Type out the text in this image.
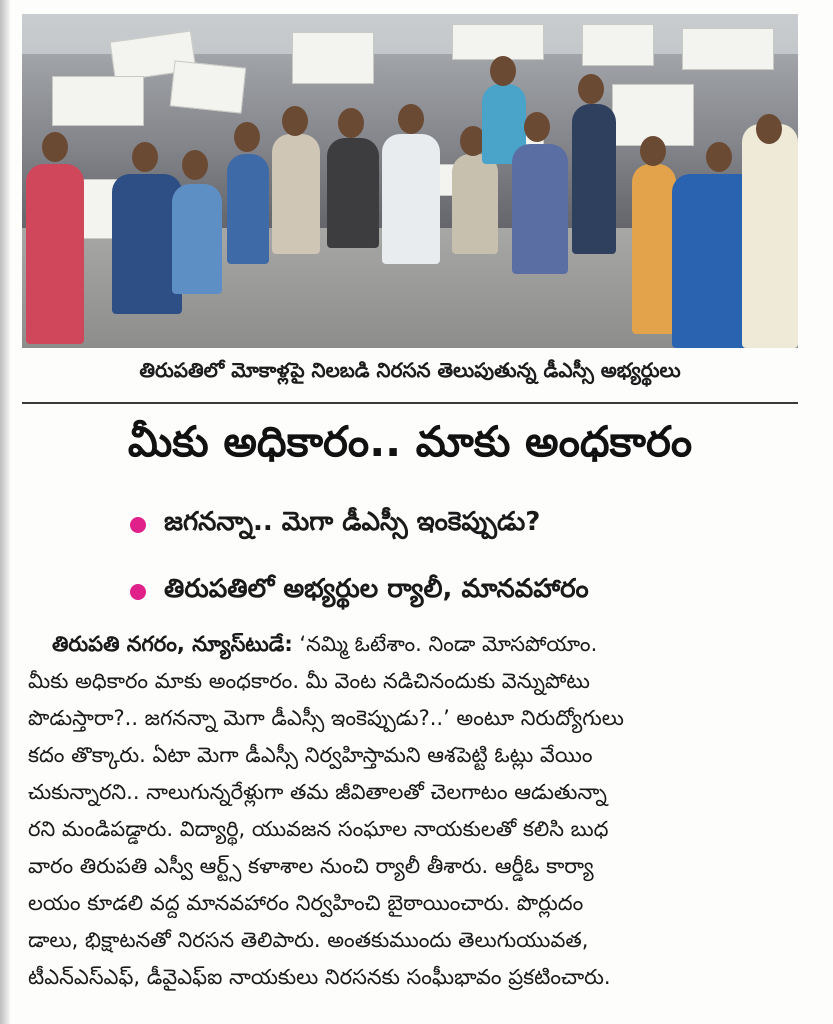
తిరుపతిలో మోకాళ్లపై నిలబడి నిరసన తెలుపుతున్న డీఎస్సీ అభ్యర్థులు
మీకు అధికారం.. మాకు అంధకారం
జగనన్నా.. మెగా డీఎస్సీ ఇంకెప్పుడు?
తిరుపతిలో అభ్యర్థుల ర్యాలీ, మానవహారం
తిరుపతి నగరం, న్యూస్‌టుడే: ‘నమ్మి ఓటేశాం. నిండా మోసపోయాం.
మీకు అధికారం మాకు అంధకారం. మీ వెంట నడిచినందుకు వెన్నుపోటు
పొడుస్తారా?.. జగనన్నా మెగా డీఎస్సీ ఇంకెప్పుడు?..’ అంటూ నిరుద్యోగులు
కదం తొక్కారు. ఏటా మెగా డీఎస్సీ నిర్వహిస్తామని ఆశపెట్టి ఓట్లు వేయిం
చుకున్నారని.. నాలుగున్నరేళ్లుగా తమ జీవితాలతో చెలగాటం ఆడుతున్నా
రని మండిపడ్డారు. విద్యార్థి, యువజన సంఘాల నాయకులతో కలిసి బుధ
వారం తిరుపతి ఎస్వీ ఆర్ట్స్ కళాశాల నుంచి ర్యాలీ తీశారు. ఆర్డీఓ కార్యా
లయం కూడలి వద్ద మానవహారం నిర్వహించి బైఠాయించారు. పొర్లుదం
డాలు, భిక్షాటనతో నిరసన తెలిపారు. అంతకుముందు తెలుగుయువత,
టీఎన్ఎస్ఎఫ్, డీవైఎఫ్ఐ నాయకులు నిరసనకు సంఘీభావం ప్రకటించారు.
